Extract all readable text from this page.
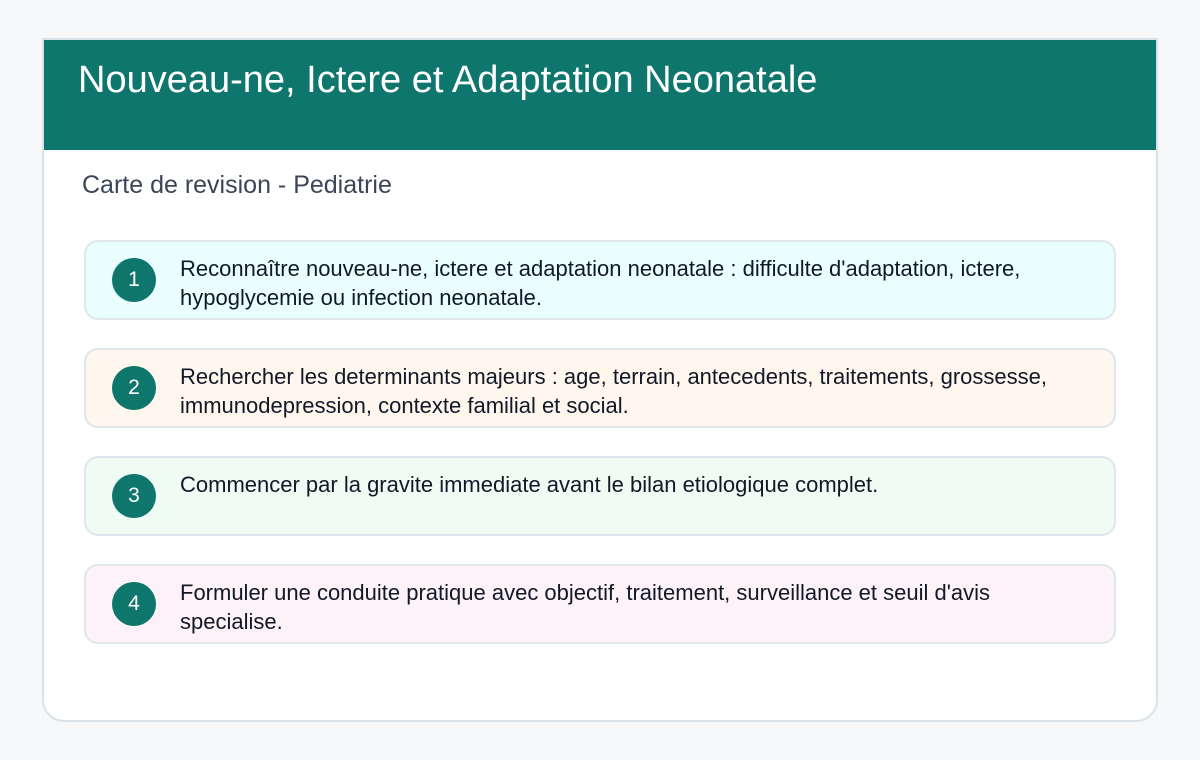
Nouveau-ne, Ictere et Adaptation Neonatale
Carte de revision - Pediatrie
1	Reconnaître nouveau-ne, ictere et adaptation neonatale : difficulte d'adaptation, ictere, hypoglycemie ou infection neonatale.
2	Rechercher les determinants majeurs : age, terrain, antecedents, traitements, grossesse, immunodepression, contexte familial et social.
3	Commencer par la gravite immediate avant le bilan etiologique complet.
4	Formuler une conduite pratique avec objectif, traitement, surveillance et seuil d'avis specialise.
